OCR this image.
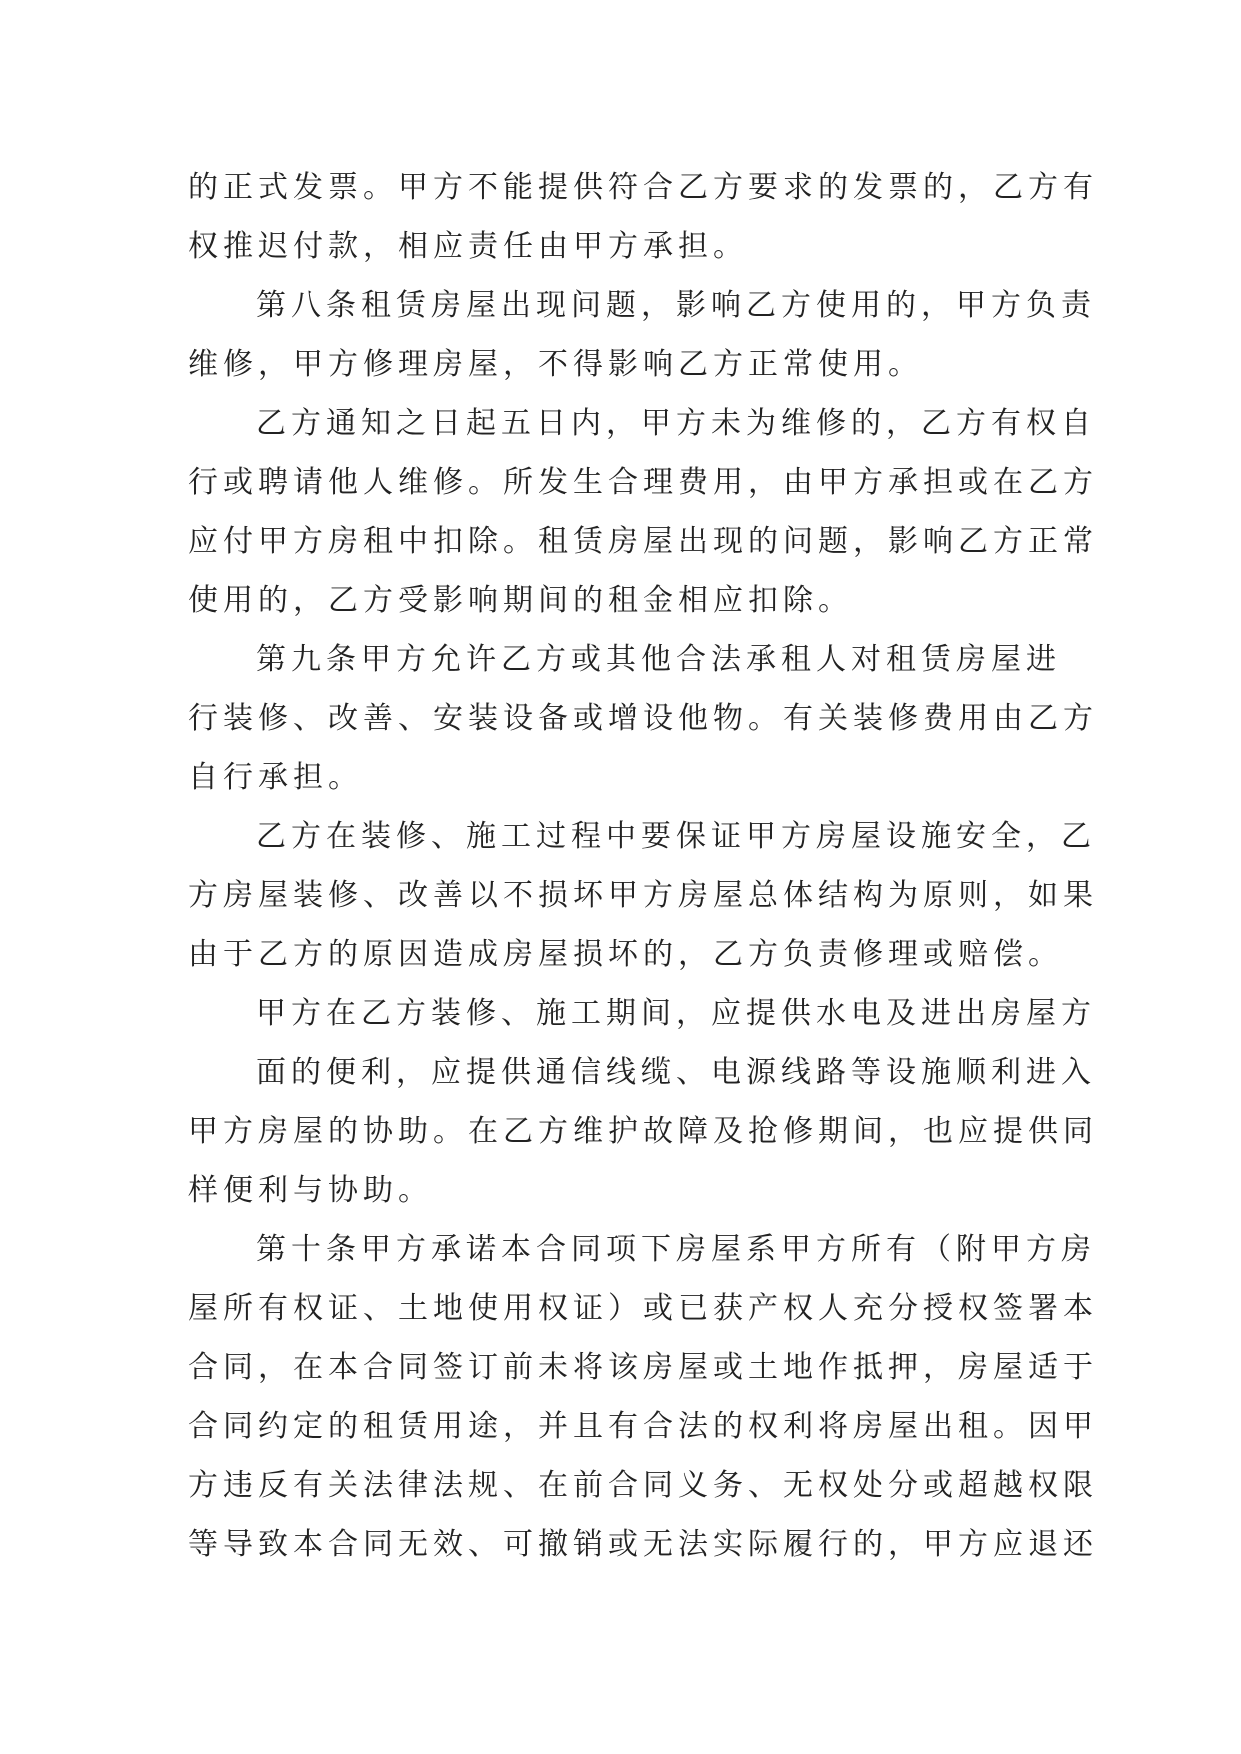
的正式发票。甲方不能提供符合乙方要求的发票的，乙方有
权推迟付款，相应责任由甲方承担。
第八条租赁房屋出现问题，影响乙方使用的，甲方负责
维修，甲方修理房屋，不得影响乙方正常使用。
乙方通知之日起五日内，甲方未为维修的，乙方有权自
行或聘请他人维修。所发生合理费用，由甲方承担或在乙方
应付甲方房租中扣除。租赁房屋出现的问题，影响乙方正常
使用的，乙方受影响期间的租金相应扣除。
第九条甲方允许乙方或其他合法承租人对租赁房屋进
行装修、改善、安装设备或增设他物。有关装修费用由乙方
自行承担。
乙方在装修、施工过程中要保证甲方房屋设施安全，乙
方房屋装修、改善以不损坏甲方房屋总体结构为原则，如果
由于乙方的原因造成房屋损坏的，乙方负责修理或赔偿。
甲方在乙方装修、施工期间，应提供水电及进出房屋方
面的便利，应提供通信线缆、电源线路等设施顺利进入
甲方房屋的协助。在乙方维护故障及抢修期间，也应提供同
样便利与协助。
第十条甲方承诺本合同项下房屋系甲方所有（附甲方房
屋所有权证、土地使用权证）或已获产权人充分授权签署本
合同，在本合同签订前未将该房屋或土地作抵押，房屋适于
合同约定的租赁用途，并且有合法的权利将房屋出租。因甲
方违反有关法律法规、在前合同义务、无权处分或超越权限
等导致本合同无效、可撤销或无法实际履行的，甲方应退还
